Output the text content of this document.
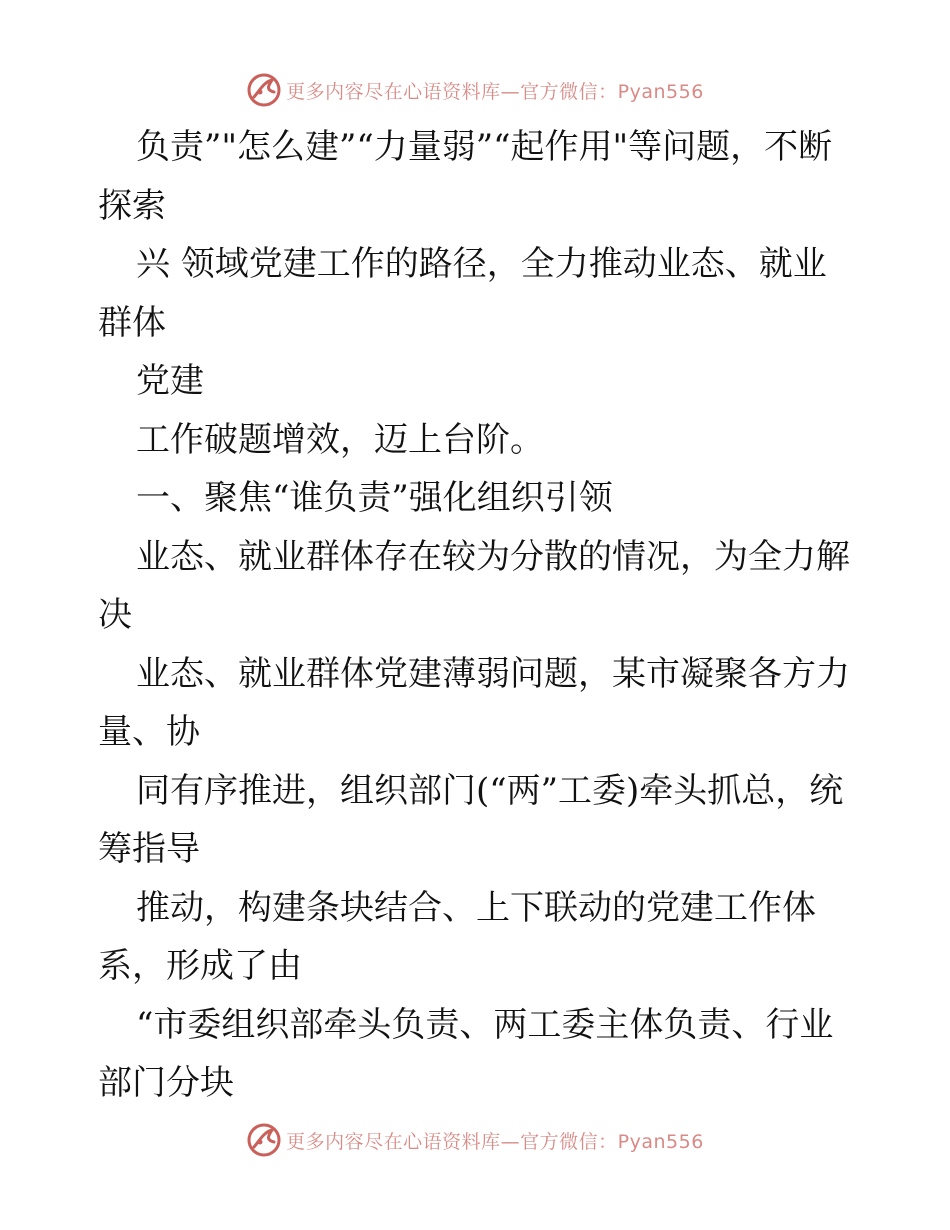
更多内容尽在心语资料库—官方微信：Pyan556

负责”"怎么建”“力量弱”“起作用"等问题，不断探索

兴 领域党建工作的路径，全力推动业态、就业群体

党建

工作破题增效，迈上台阶。

一、聚焦“谁负责”强化组织引领

业态、就业群体存在较为分散的情况，为全力解决

业态、就业群体党建薄弱问题，某市凝聚各方力量、协

同有序推进，组织部门(“两”工委)牵头抓总，统筹指导

推动，构建条块结合、上下联动的党建工作体系，形成了由

“市委组织部牵头负责、两工委主体负责、行业部门分块

更多内容尽在心语资料库—官方微信：Pyan556
